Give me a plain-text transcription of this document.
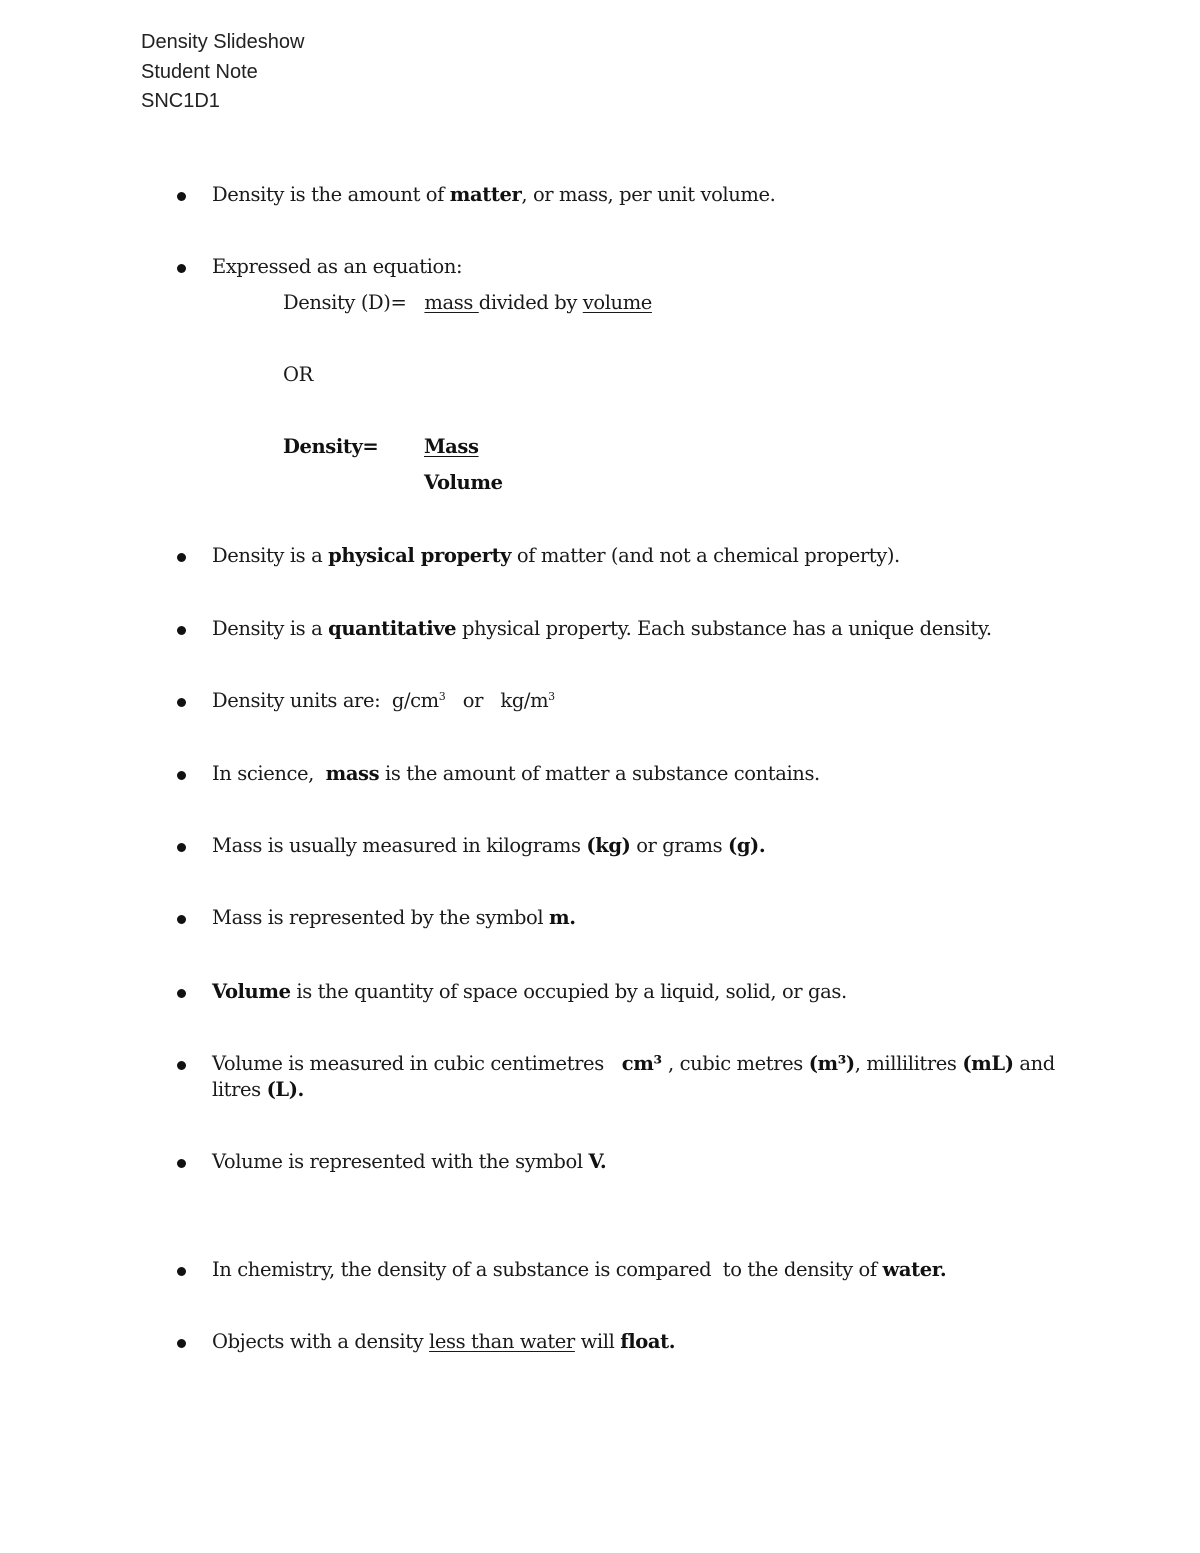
Density Slideshow
Student Note
SNC1D1
Density is the amount of matter, or mass, per unit volume.
Expressed as an equation:
Density (D)= mass divided by volume
OR
Density= Mass
Volume
Density is a physical property of matter (and not a chemical property).
Density is a quantitative physical property. Each substance has a unique density.
Density units are:  $g/cm^3$   or   $kg/m^3$
In science,  mass is the amount of matter a substance contains.
Mass is usually measured in kilograms (kg) or grams (g).
Mass is represented by the symbol m.
Volume is the quantity of space occupied by a liquid, solid, or gas.
Volume is measured in cubic centimetres   cm³ , cubic metres (m³), millilitres (mL) and litres (L).
Volume is represented with the symbol V.
In chemistry, the density of a substance is compared  to the density of water.
Objects with a density less than water will float.
